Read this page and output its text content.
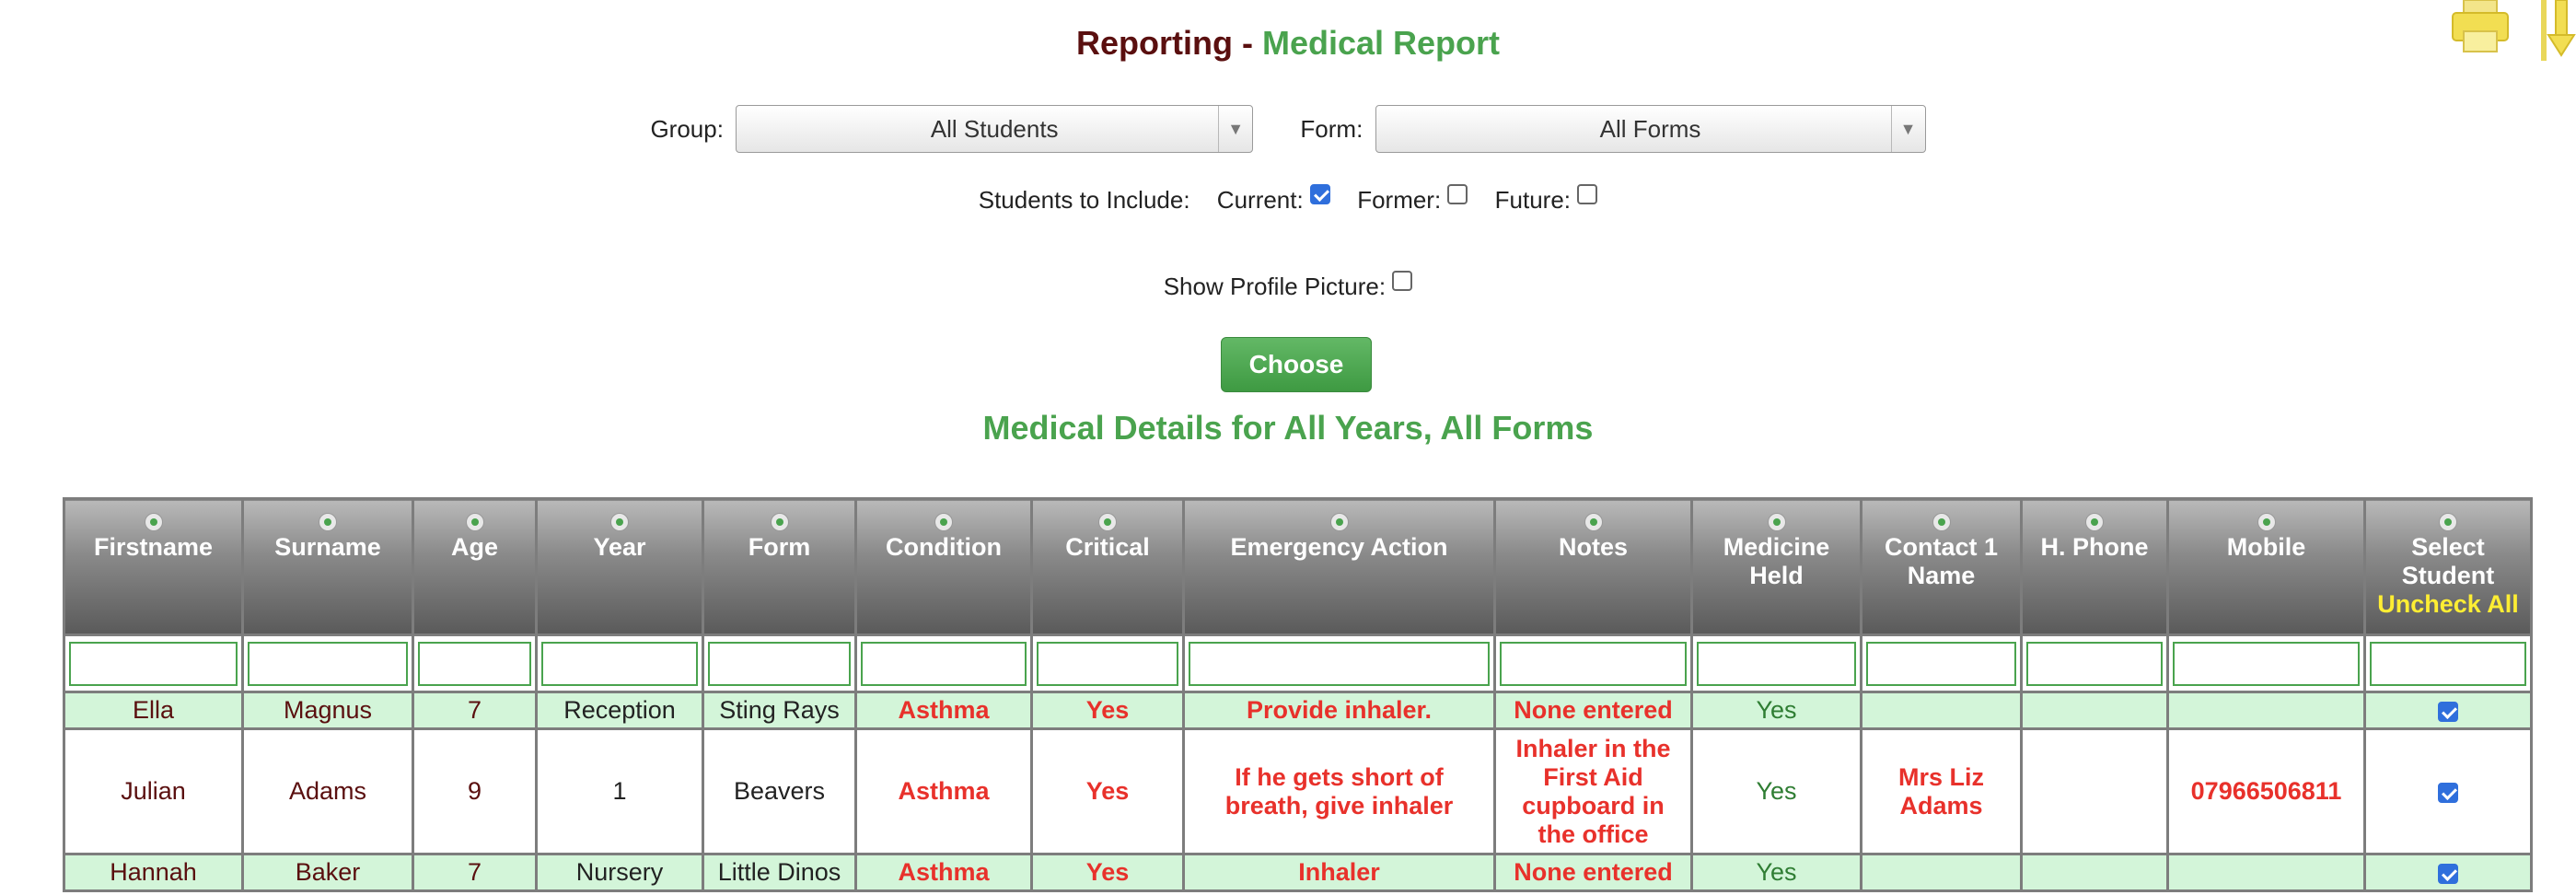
Reporting - Medical Report
Group:	All Students	▼	Form:	All Forms	▼
Students to Include: Current: Former: Future:
Show Profile Picture:
Choose
Medical Details for All Years, All Forms
Firstname	Surname	Age	Year	Form	Condition	Critical	Emergency Action	Notes	Medicine Held	Contact 1 Name	H. Phone	Mobile	Select Student
Uncheck All

Ella	Magnus	7	Reception	Sting Rays	Asthma	Yes	Provide inhaler.	None entered	Yes				
Julian	Adams	9	1	Beavers	Asthma	Yes	If he gets short of breath, give inhaler	Inhaler in the First Aid cupboard in the office	Yes	Mrs Liz Adams		07966506811	
Hannah	Baker	7	Nursery	Little Dinos	Asthma	Yes	Inhaler	None entered	Yes				
